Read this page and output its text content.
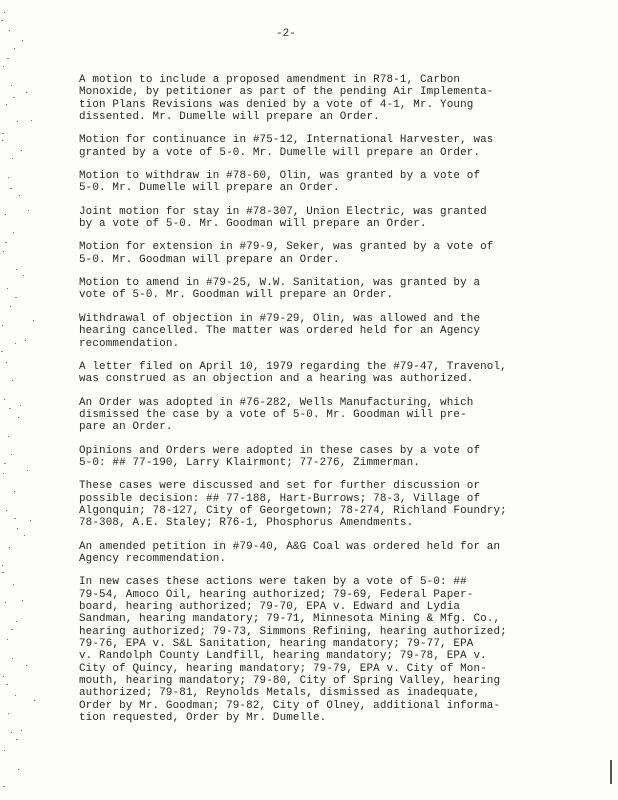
-2-

A motion to include a proposed amendment in R78-1, Carbon
Monoxide, by petitioner as part of the pending Air Implementa-
tion Plans Revisions was denied by a vote of 4-1, Mr. Young
dissented. Mr. Dumelle will prepare an Order.

Motion for continuance in #75-12, International Harvester, was
granted by a vote of 5-0. Mr. Dumelle will prepare an Order.

Motion to withdraw in #78-60, Olin, was granted by a vote of
5-0. Mr. Dumelle will prepare an Order.

Joint motion for stay in #78-307, Union Electric, was granted
by a vote of 5-0. Mr. Goodman will prepare an Order.

Motion for extension in #79-9, Seker, was granted by a vote of
5-0. Mr. Goodman will prepare an Order.

Motion to amend in #79-25, W.W. Sanitation, was granted by a
vote of 5-0. Mr. Goodman will prepare an Order.

Withdrawal of objection in #79-29, Olin, was allowed and the
hearing cancelled. The matter was ordered held for an Agency
recommendation.

A letter filed on April 10, 1979 regarding the #79-47, Travenol,
was construed as an objection and a hearing was authorized.

An Order was adopted in #76-282, Wells Manufacturing, which
dismissed the case by a vote of 5-0. Mr. Goodman will pre-
pare an Order.

Opinions and Orders were adopted in these cases by a vote of
5-0: ## 77-190, Larry Klairmont; 77-276, Zimmerman.

These cases were discussed and set for further discussion or
possible decision: ## 77-188, Hart-Burrows; 78-3, Village of
Algonquin; 78-127, City of Georgetown; 78-274, Richland Foundry;
78-308, A.E. Staley; R76-1, Phosphorus Amendments.

An amended petition in #79-40, A&G Coal was ordered held for an
Agency recommendation.

In new cases these actions were taken by a vote of 5-0: ##
79-54, Amoco Oil, hearing authorized; 79-69, Federal Paper-
board, hearing authorized; 79-70, EPA v. Edward and Lydia
Sandman, hearing mandatory; 79-71, Minnesota Mining & Mfg. Co.,
hearing authorized; 79-73, Simmons Refining, hearing authorized;
79-76, EPA v. S&L Sanitation, hearing mandatory; 79-77, EPA
v. Randolph County Landfill, hearing mandatory; 79-78, EPA v.
City of Quincy, hearing mandatory; 79-79, EPA v. City of Mon-
mouth, hearing mandatory; 79-80, City of Spring Valley, hearing
authorized; 79-81, Reynolds Metals, dismissed as inadequate,
Order by Mr. Goodman; 79-82, City of Olney, additional informa-
tion requested, Order by Mr. Dumelle.
